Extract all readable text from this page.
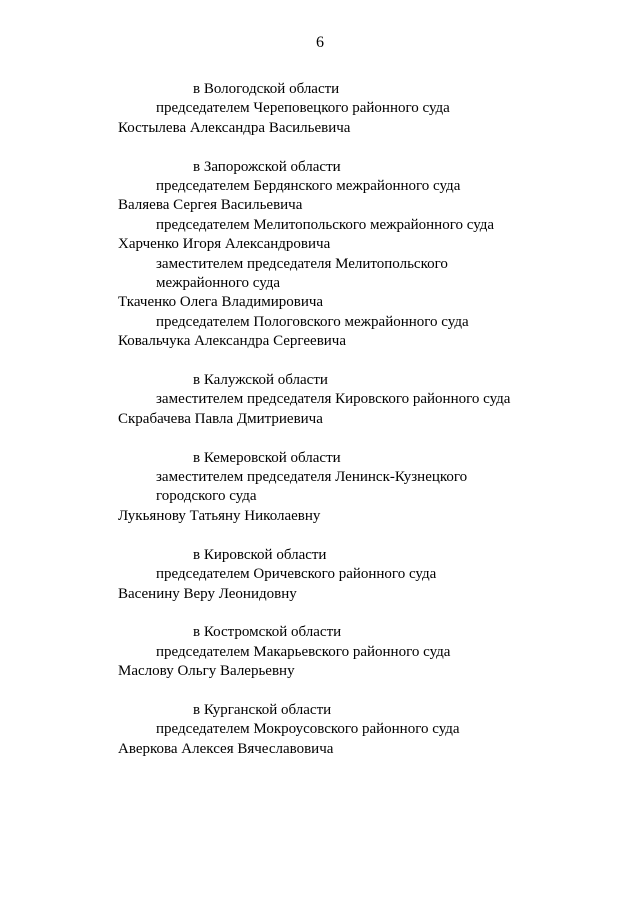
6
в Вологодской области
председателем Череповецкого районного суда
Костылева Александра Васильевича
в Запорожской области
председателем Бердянского межрайонного суда
Валяева Сергея Васильевича
председателем Мелитопольского межрайонного суда
Харченко Игоря Александровича
заместителем председателя Мелитопольского
межрайонного суда
Ткаченко Олега Владимировича
председателем Пологовского межрайонного суда
Ковальчука Александра Сергеевича
в Калужской области
заместителем председателя Кировского районного суда
Скрабачева Павла Дмитриевича
в Кемеровской области
заместителем председателя Ленинск-Кузнецкого
городского суда
Лукьянову Татьяну Николаевну
в Кировской области
председателем Оричевского районного суда
Васенину Веру Леонидовну
в Костромской области
председателем Макарьевского районного суда
Маслову Ольгу Валерьевну
в Курганской области
председателем Мокроусовского районного суда
Аверкова Алексея Вячеславовича
